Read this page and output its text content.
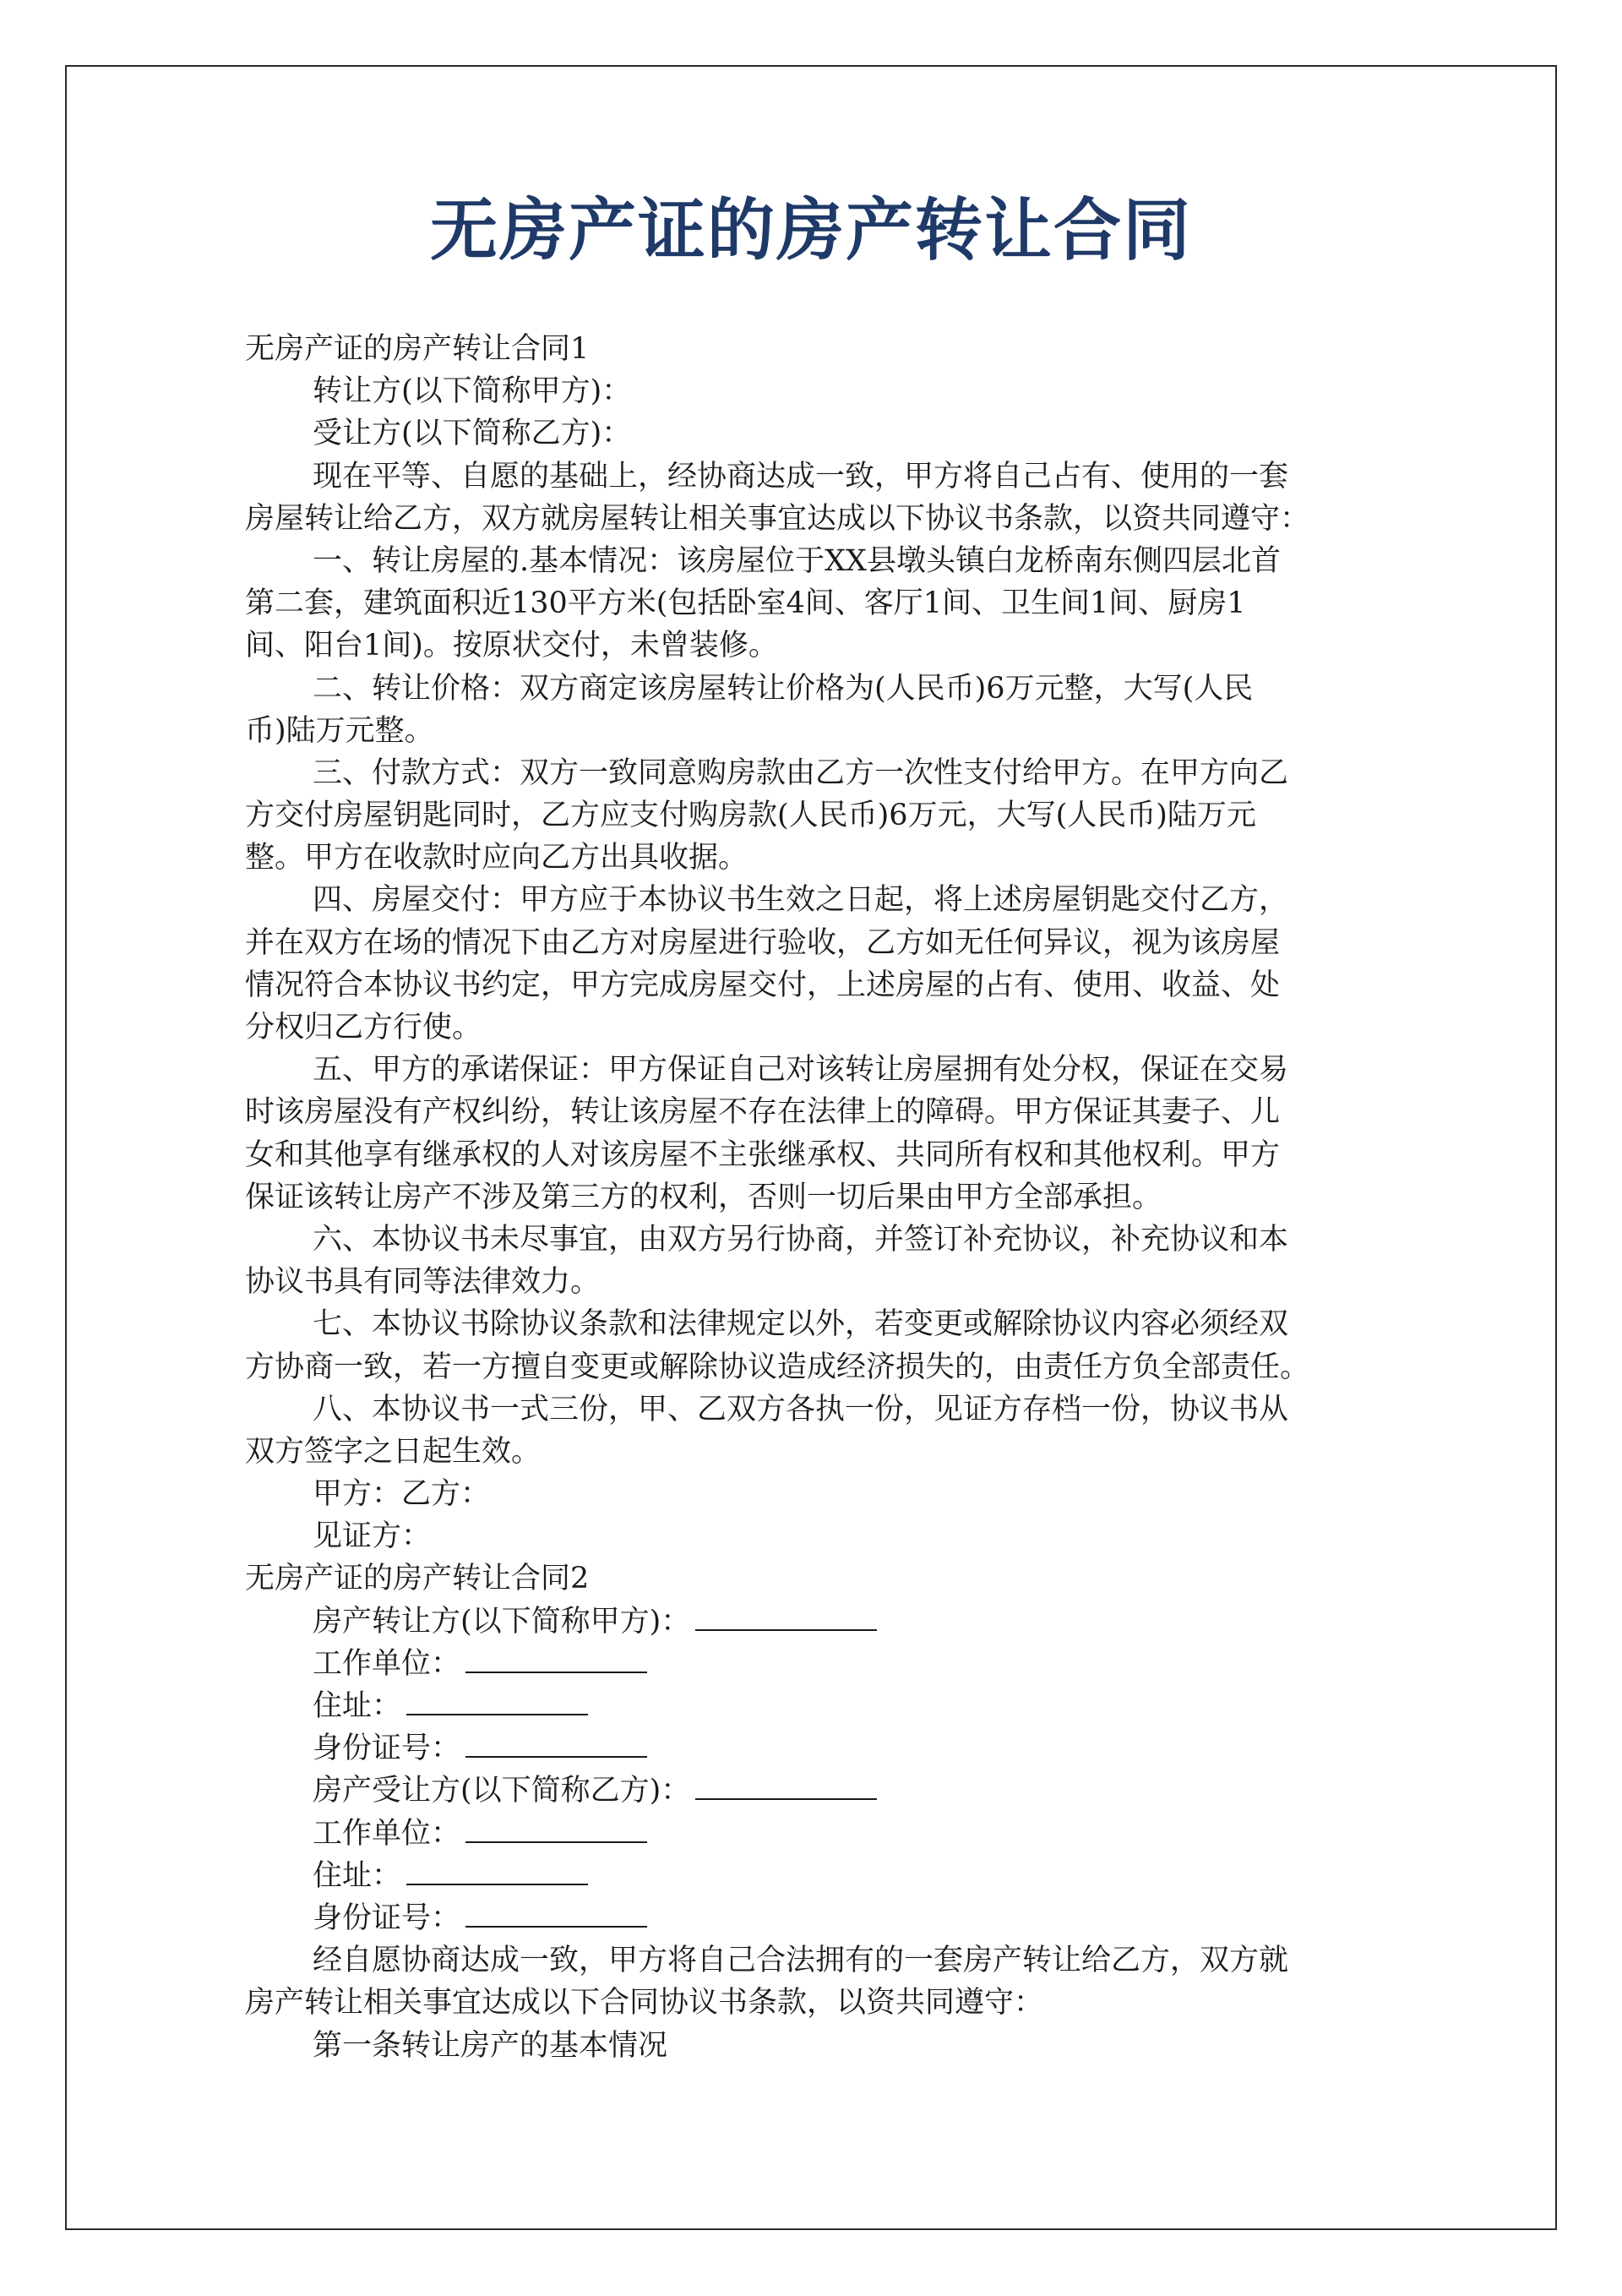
无房产证的房产转让合同
无房产证的房产转让合同1
转让方(以下简称甲方)：
受让方(以下简称乙方)：
现在平等、自愿的基础上，经协商达成一致，甲方将自己占有、使用的一套
房屋转让给乙方，双方就房屋转让相关事宜达成以下协议书条款，以资共同遵守：
一、转让房屋的.基本情况：该房屋位于XX县墩头镇白龙桥南东侧四层北首
第二套，建筑面积近130平方米(包括卧室4间、客厅1间、卫生间1间、厨房1
间、阳台1间)。按原状交付，未曾装修。
二、转让价格：双方商定该房屋转让价格为(人民币)6万元整，大写(人民
币)陆万元整。
三、付款方式：双方一致同意购房款由乙方一次性支付给甲方。在甲方向乙
方交付房屋钥匙同时，乙方应支付购房款(人民币)6万元，大写(人民币)陆万元
整。甲方在收款时应向乙方出具收据。
四、房屋交付：甲方应于本协议书生效之日起，将上述房屋钥匙交付乙方，
并在双方在场的情况下由乙方对房屋进行验收，乙方如无任何异议，视为该房屋
情况符合本协议书约定，甲方完成房屋交付，上述房屋的占有、使用、收益、处
分权归乙方行使。
五、甲方的承诺保证：甲方保证自己对该转让房屋拥有处分权，保证在交易
时该房屋没有产权纠纷，转让该房屋不存在法律上的障碍。甲方保证其妻子、儿
女和其他享有继承权的人对该房屋不主张继承权、共同所有权和其他权利。甲方
保证该转让房产不涉及第三方的权利，否则一切后果由甲方全部承担。
六、本协议书未尽事宜，由双方另行协商，并签订补充协议，补充协议和本
协议书具有同等法律效力。
七、本协议书除协议条款和法律规定以外，若变更或解除协议内容必须经双
方协商一致，若一方擅自变更或解除协议造成经济损失的，由责任方负全部责任。
八、本协议书一式三份，甲、乙双方各执一份，见证方存档一份，协议书从
双方签字之日起生效。
甲方：乙方：
见证方：
无房产证的房产转让合同2
房产转让方(以下简称甲方)：
工作单位：
住址：
身份证号：
房产受让方(以下简称乙方)：
工作单位：
住址：
身份证号：
经自愿协商达成一致，甲方将自己合法拥有的一套房产转让给乙方，双方就
房产转让相关事宜达成以下合同协议书条款，以资共同遵守：
第一条转让房产的基本情况
